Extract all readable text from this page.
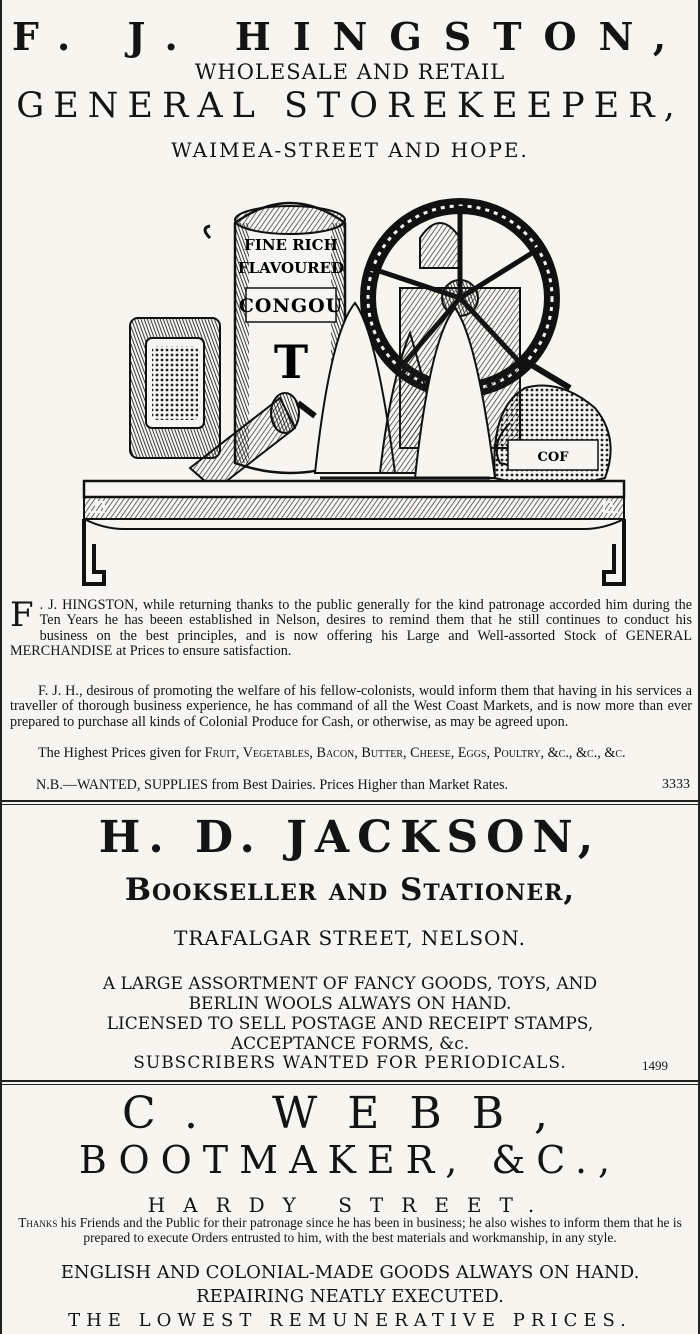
F. J. HINGSTON,
WHOLESALE AND RETAIL
GENERAL STOREKEEPER,
WAIMEA-STREET AND HOPE.
FINE RICH
FLAVOURED
CONGOU
T
COF
F . J. HINGSTON, while returning thanks to the public generally for the kind patronage accorded him during the Ten Years he has beeen established in Nelson, desires to remind them that he still continues to conduct his business on the best principles, and is now offering his Large and Well-assorted Stock of GENERAL MERCHANDISE at Prices to ensure satisfaction.
F. J. H., desirous of promoting the welfare of his fellow-colonists, would inform them that having in his services a traveller of thorough business experience, he has command of all the West Coast Markets, and is now more than ever prepared to purchase all kinds of Colonial Produce for Cash, or otherwise, as may be agreed upon.
The Highest Prices given for Fruit, Vegetables, Bacon, Butter, Cheese, Eggs, Poultry, &c., &c., &c.
N.B.—WANTED, SUPPLIES from Best Dairies. Prices Higher than Market Rates.	3333
H. D. JACKSON,
Bookseller and Stationer,
TRAFALGAR STREET, NELSON.
A LARGE ASSORTMENT OF FANCY GOODS, TOYS, AND
BERLIN WOOLS ALWAYS ON HAND.
LICENSED TO SELL POSTAGE AND RECEIPT STAMPS,
ACCEPTANCE FORMS, &c.
SUBSCRIBERS WANTED FOR PERIODICALS.	1499
C. WEBB,
BOOTMAKER, &C.,
HARDY STREET.
Thanks his Friends and the Public for their patronage since he has been in business; he also wishes to inform them that he is prepared to execute Orders entrusted to him, with the best materials and workmanship, in any style.
ENGLISH AND COLONIAL-MADE GOODS ALWAYS ON HAND.
REPAIRING NEATLY EXECUTED.
THE LOWEST REMUNERATIVE PRICES.
